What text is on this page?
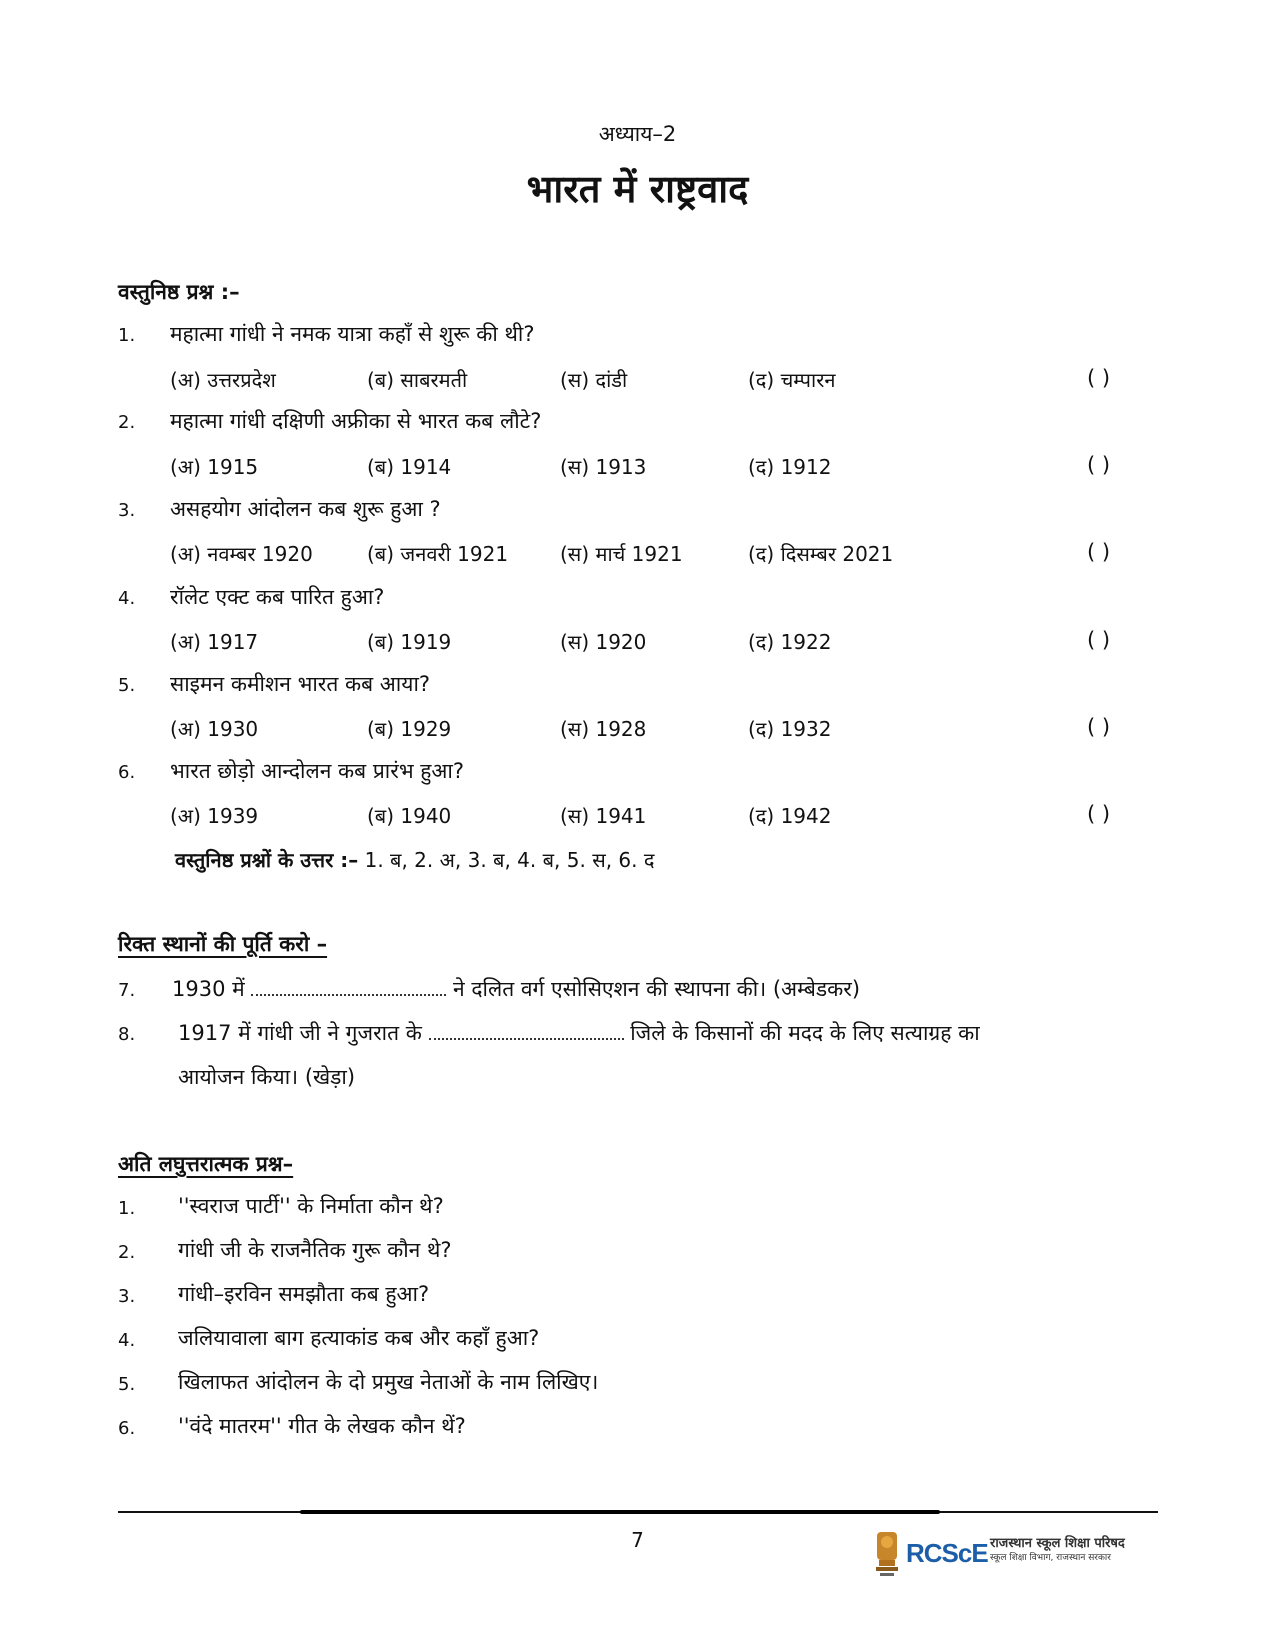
अध्याय–2
भारत में राष्ट्रवाद
वस्तुनिष्ठ प्रश्न :–
1. महात्मा गांधी ने नमक यात्रा कहाँ से शुरू की थी?
(अ) उत्तरप्रदेश	(ब) साबरमती	(स) दांडी	(द) चम्पारन	( )
2. महात्मा गांधी दक्षिणी अफ्रीका से भारत कब लौटे?
(अ) 1915	(ब) 1914	(स) 1913	(द) 1912	( )
3. असहयोग आंदोलन कब शुरू हुआ ?
(अ) नवम्बर 1920	(ब) जनवरी 1921	(स) मार्च 1921	(द) दिसम्बर 2021	( )
4. रॉलेट एक्ट कब पारित हुआ?
(अ) 1917	(ब) 1919	(स) 1920	(द) 1922	( )
5. साइमन कमीशन भारत कब आया?
(अ) 1930	(ब) 1929	(स) 1928	(द) 1932	( )
6. भारत छोड़ो आन्दोलन कब प्रारंभ हुआ?
(अ) 1939	(ब) 1940	(स) 1941	(द) 1942	( )
वस्तुनिष्ठ प्रश्नों के उत्तर :– 1. ब, 2. अ, 3. ब, 4. ब, 5. स, 6. द
रिक्त स्थानों की पूर्ति करो –
7. 1930 में	ने दलित वर्ग एसोसिएशन की स्थापना की। (अम्बेडकर)
8. 1917 में गांधी जी ने गुजरात के	जिले के किसानों की मदद के लिए सत्याग्रह का
आयोजन किया। (खेड़ा)
अति लघुत्तरात्मक प्रश्न–
1. ''स्वराज पार्टी'' के निर्माता कौन थे?
2. गांधी जी के राजनैतिक गुरू कौन थे?
3. गांधी–इरविन समझौता कब हुआ?
4. जलियावाला बाग हत्याकांड कब और कहाँ हुआ?
5. खिलाफत आंदोलन के दो प्रमुख नेताओं के नाम लिखिए।
6. ''वंदे मातरम'' गीत के लेखक कौन थें?
7	RCScE राजस्थान स्कूल शिक्षा परिषद
स्कूल शिक्षा विभाग, राजस्थान सरकार
